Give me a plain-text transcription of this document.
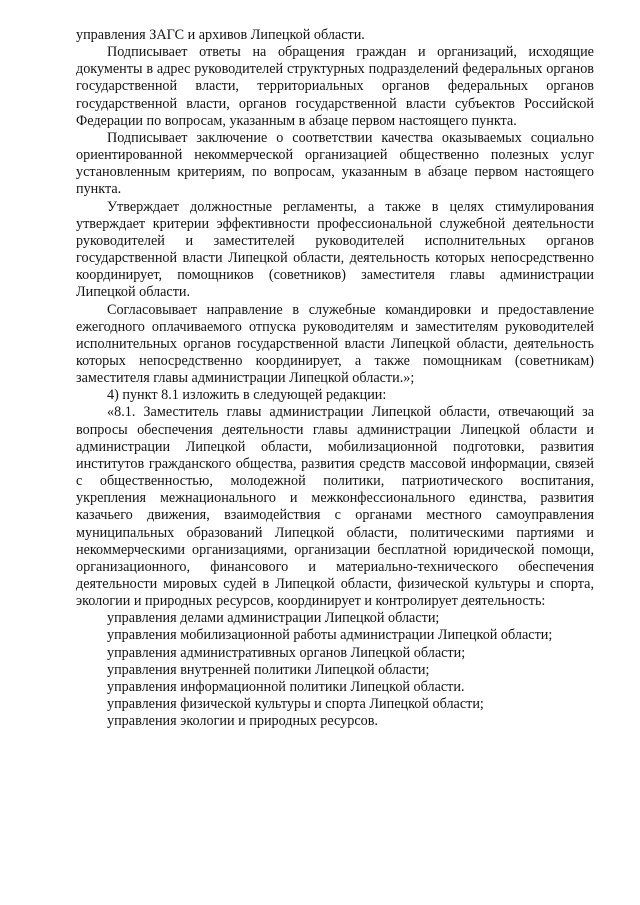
управления ЗАГС и архивов Липецкой области.

Подписывает ответы на обращения граждан и организаций, исходящие документы в адрес руководителей структурных подразделений федеральных органов государственной власти, территориальных органов федеральных органов государственной власти, органов государственной власти субъектов Российской Федерации по вопросам, указанным в абзаце первом настоящего пункта.

Подписывает заключение о соответствии качества оказываемых социально ориентированной некоммерческой организацией общественно полезных услуг установленным критериям, по вопросам, указанным в абзаце первом настоящего пункта.

Утверждает должностные регламенты, а также в целях стимулирования утверждает критерии эффективности профессиональной служебной деятельности руководителей и заместителей руководителей исполнительных органов государственной власти Липецкой области, деятельность которых непосредственно координирует, помощников (советников) заместителя главы администрации Липецкой области.

Согласовывает направление в служебные командировки и предоставление ежегодного оплачиваемого отпуска руководителям и заместителям руководителей исполнительных органов государственной власти Липецкой области, деятельность которых непосредственно координирует, а также помощникам (советникам) заместителя главы администрации Липецкой области.»;

4) пункт 8.1 изложить в следующей редакции:

«8.1. Заместитель главы администрации Липецкой области, отвечающий за вопросы обеспечения деятельности главы администрации Липецкой области и администрации Липецкой области, мобилизационной подготовки, развития институтов гражданского общества, развития средств массовой информации, связей с общественностью, молодежной политики, патриотического воспитания, укрепления межнационального и межконфессионального единства, развития казачьего движения, взаимодействия с органами местного самоуправления муниципальных образований Липецкой области, политическими партиями и некоммерческими организациями, организации бесплатной юридической помощи, организационного, финансового и материально-технического обеспечения деятельности мировых судей в Липецкой области, физической культуры и спорта, экологии и природных ресурсов, координирует и контролирует деятельность:

управления делами администрации Липецкой области;

управления мобилизационной работы администрации Липецкой области;

управления административных органов Липецкой области;

управления внутренней политики Липецкой области;

управления информационной политики Липецкой области.

управления физической культуры и спорта Липецкой области;

управления экологии и природных ресурсов.
